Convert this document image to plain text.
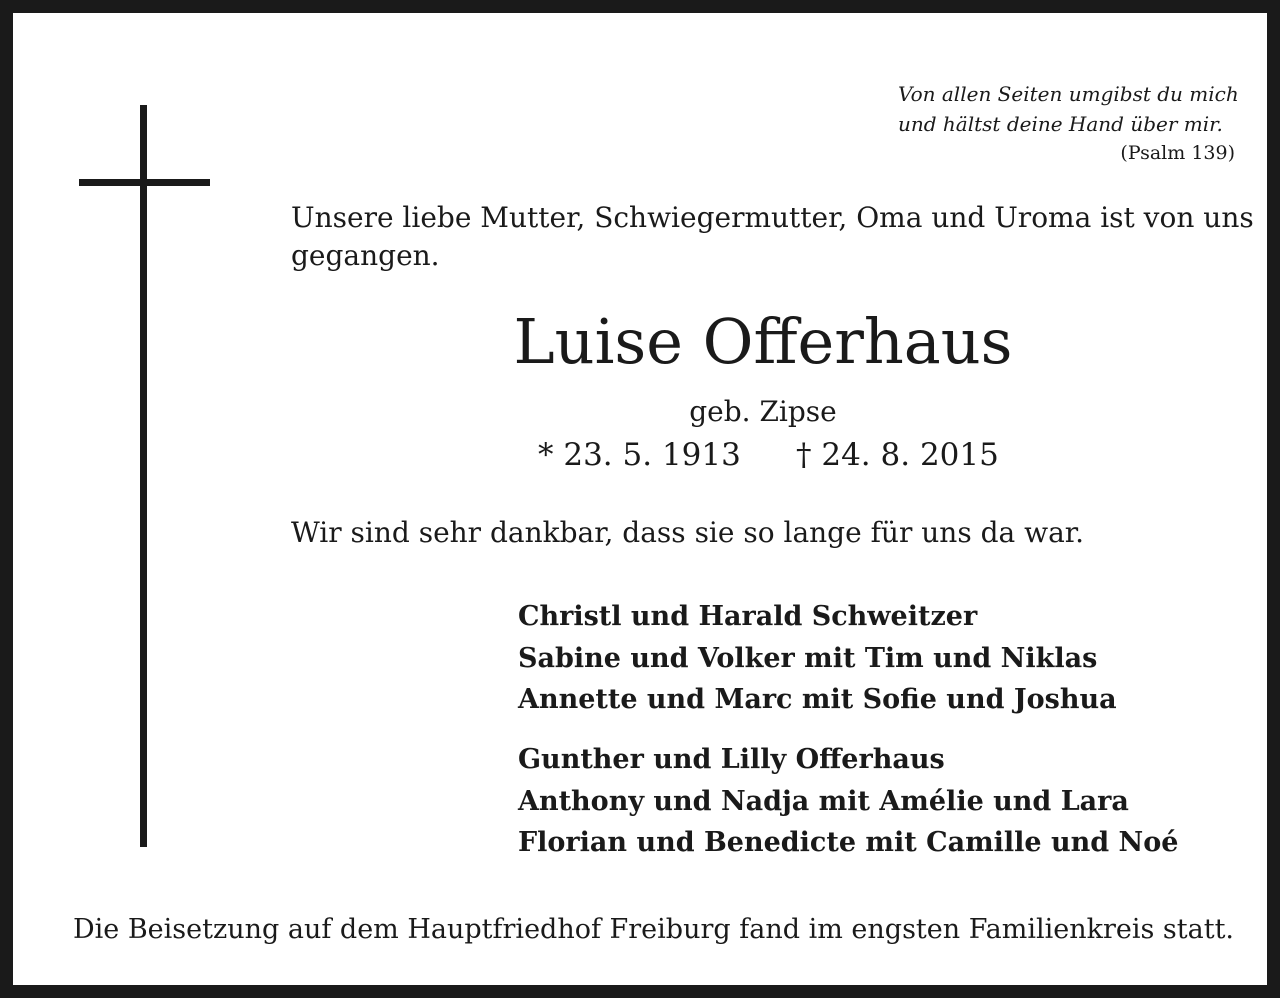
Von allen Seiten umgibst du mich
und hältst deine Hand über mir.
(Psalm 139)
Unsere liebe Mutter, Schwiegermutter, Oma und Uroma ist von uns
gegangen.
Luise Offerhaus
geb. Zipse
* 23. 5. 1913 † 24. 8. 2015
Wir sind sehr dankbar, dass sie so lange für uns da war.
Christl und Harald Schweitzer
Sabine und Volker mit Tim und Niklas
Annette und Marc mit Sofie und Joshua
Gunther und Lilly Offerhaus
Anthony und Nadja mit Amélie und Lara
Florian und Benedicte mit Camille und Noé
Die Beisetzung auf dem Hauptfriedhof Freiburg fand im engsten Familienkreis statt.
